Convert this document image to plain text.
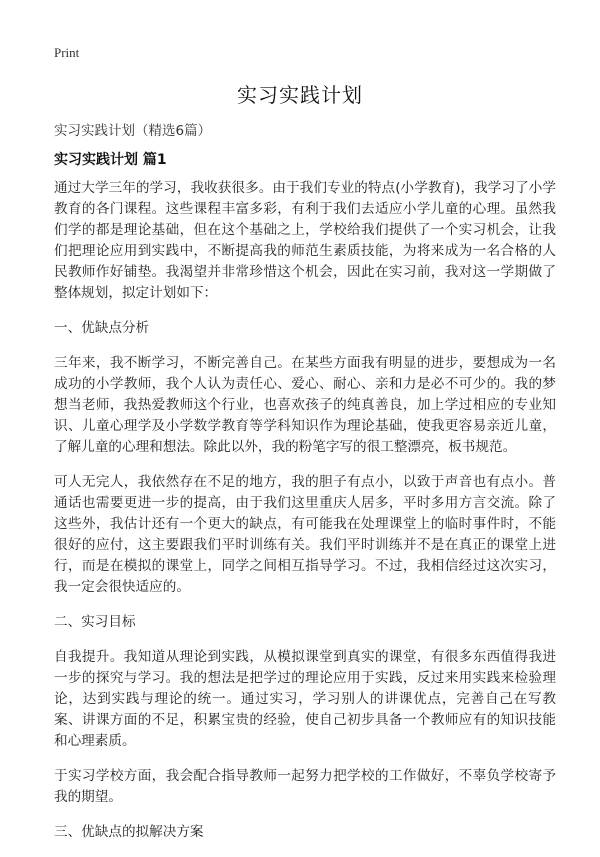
Print
实习实践计划
实习实践计划（精选6篇）
实习实践计划 篇1

通过大学三年的学习，我收获很多。由于我们专业的特点(小学教育)，我学习了小学教育的各门课程。这些课程丰富多彩，有利于我们去适应小学儿童的心理。虽然我们学的都是理论基础，但在这个基础之上，学校给我们提供了一个实习机会，让我们把理论应用到实践中，不断提高我的师范生素质技能，为将来成为一名合格的人民教师作好铺垫。我渴望并非常珍惜这个机会，因此在实习前，我对这一学期做了整体规划，拟定计划如下：

一、优缺点分析

三年来，我不断学习，不断完善自己。在某些方面我有明显的进步，要想成为一名成功的小学教师，我个人认为责任心、爱心、耐心、亲和力是必不可少的。我的梦想当老师，我热爱教师这个行业，也喜欢孩子的纯真善良，加上学过相应的专业知识、儿童心理学及小学数学教育等学科知识作为理论基础，使我更容易亲近儿童，了解儿童的心理和想法。除此以外，我的粉笔字写的很工整漂亮，板书规范。

可人无完人，我依然存在不足的地方，我的胆子有点小，以致于声音也有点小。普通话也需要更进一步的提高，由于我们这里重庆人居多，平时多用方言交流。除了这些外，我估计还有一个更大的缺点，有可能我在处理课堂上的临时事件时，不能很好的应付，这主要跟我们平时训练有关。我们平时训练并不是在真正的课堂上进行，而是在模拟的课堂上，同学之间相互指导学习。不过，我相信经过这次实习，我一定会很快适应的。

二、实习目标

自我提升。我知道从理论到实践，从模拟课堂到真实的课堂，有很多东西值得我进一步的探究与学习。我的想法是把学过的理论应用于实践，反过来用实践来检验理论，达到实践与理论的统一。通过实习，学习别人的讲课优点，完善自己在写教案、讲课方面的不足，积累宝贵的经验，使自己初步具备一个教师应有的知识技能和心理素质。

于实习学校方面，我会配合指导教师一起努力把学校的工作做好，不辜负学校寄予我的期望。

三、优缺点的拟解决方案
